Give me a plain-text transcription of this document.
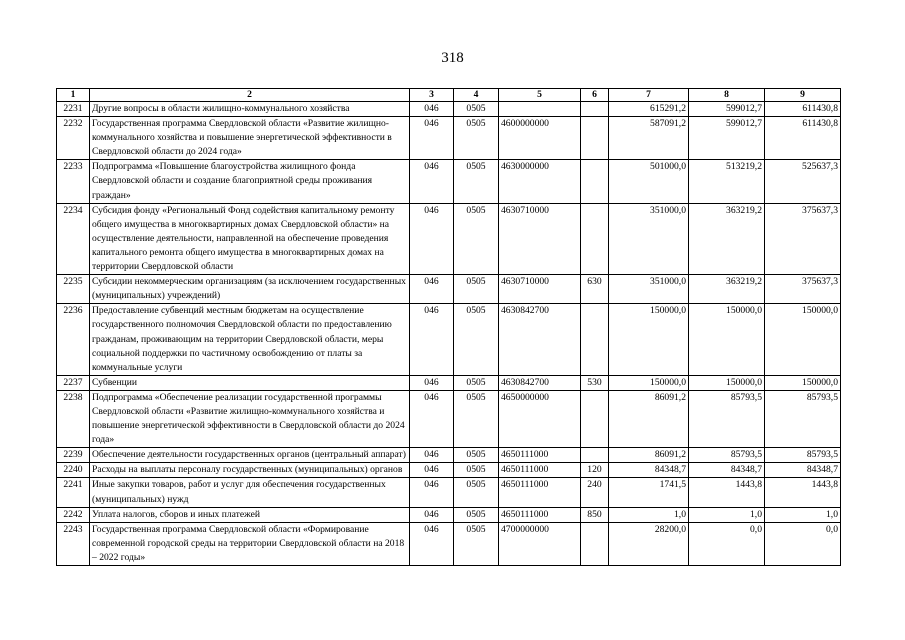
318
1	2	3	4	5	6	7	8	9
2231	Другие вопросы в области жилищно-коммунального хозяйства	046	0505			615291,2	599012,7	611430,8
2232	Государственная программа Свердловской области «Развитие жилищно-коммунального хозяйства и повышение энергетической эффективности в Свердловской области до 2024 года»	046	0505	4600000000		587091,2	599012,7	611430,8
2233	Подпрограмма «Повышение благоустройства жилищного фонда Свердловской области и создание благоприятной среды проживания граждан»	046	0505	4630000000		501000,0	513219,2	525637,3
2234	Субсидия фонду «Региональный Фонд содействия капитальному ремонту общего имущества в многоквартирных домах Свердловской области» на осуществление деятельности, направленной на обеспечение проведения капитального ремонта общего имущества в многоквартирных домах на территории Свердловской области	046	0505	4630710000		351000,0	363219,2	375637,3
2235	Субсидии некоммерческим организациям (за исключением государственных (муниципальных) учреждений)	046	0505	4630710000	630	351000,0	363219,2	375637,3
2236	Предоставление субвенций местным бюджетам на осуществление государственного полномочия Свердловской области по предоставлению гражданам, проживающим на территории Свердловской области, меры социальной поддержки по частичному освобождению от платы за коммунальные услуги	046	0505	4630842700		150000,0	150000,0	150000,0
2237	Субвенции	046	0505	4630842700	530	150000,0	150000,0	150000,0
2238	Подпрограмма «Обеспечение реализации государственной программы Свердловской области «Развитие жилищно-коммунального хозяйства и повышение энергетической эффективности в Свердловской области до 2024 года»	046	0505	4650000000		86091,2	85793,5	85793,5
2239	Обеспечение деятельности государственных органов (центральный аппарат)	046	0505	4650111000		86091,2	85793,5	85793,5
2240	Расходы на выплаты персоналу государственных (муниципальных) органов	046	0505	4650111000	120	84348,7	84348,7	84348,7
2241	Иные закупки товаров, работ и услуг для обеспечения государственных (муниципальных) нужд	046	0505	4650111000	240	1741,5	1443,8	1443,8
2242	Уплата налогов, сборов и иных платежей	046	0505	4650111000	850	1,0	1,0	1,0
2243	Государственная программа Свердловской области «Формирование современной городской среды на территории Свердловской области на 2018 – 2022 годы»	046	0505	4700000000		28200,0	0,0	0,0
